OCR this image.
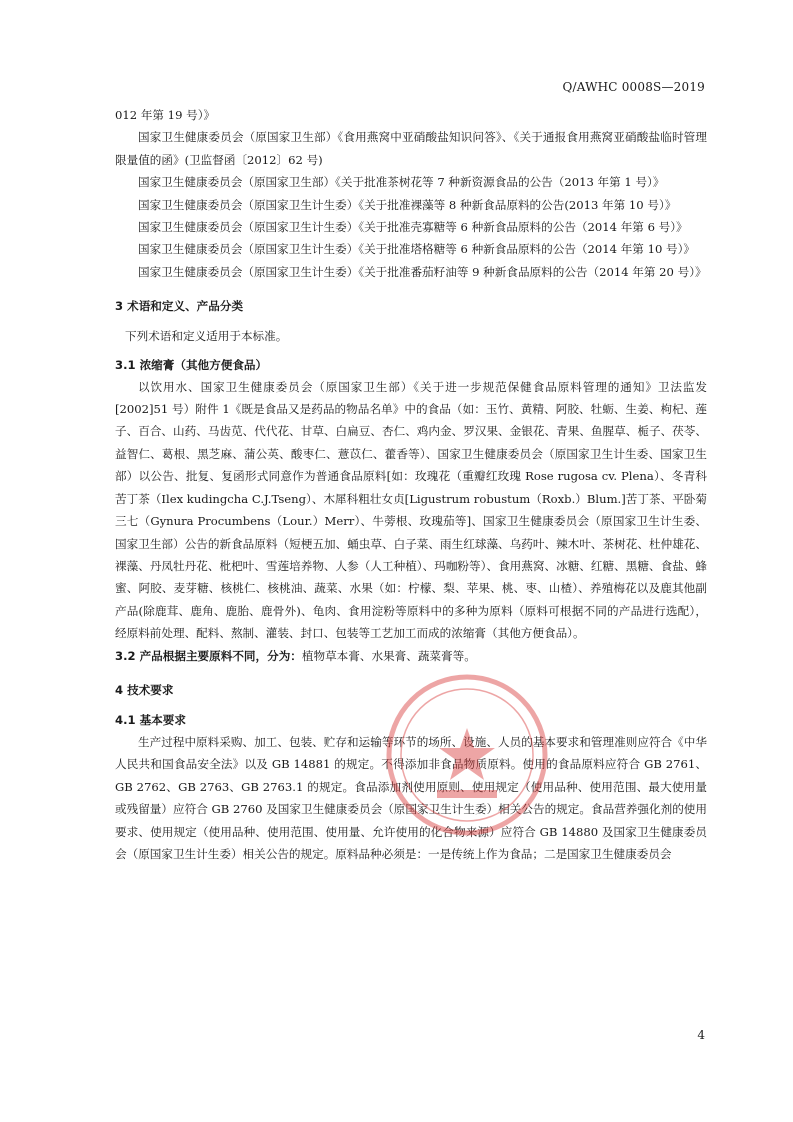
Q/AWHC 0008S—2019

012 年第 19 号）》

国家卫生健康委员会（原国家卫生部）《食用燕窝中亚硝酸盐知识问答》、《关于通报食用燕窝亚硝酸盐临时管理限量值的函》(卫监督函〔2012〕62 号)

国家卫生健康委员会（原国家卫生部）《关于批准茶树花等 7 种新资源食品的公告（2013 年第 1 号）》

国家卫生健康委员会（原国家卫生计生委）《关于批准裸藻等 8 种新食品原料的公告(2013 年第 10 号）》

国家卫生健康委员会（原国家卫生计生委）《关于批准壳寡糖等 6 种新食品原料的公告（2014 年第 6 号）》

国家卫生健康委员会（原国家卫生计生委）《关于批准塔格糖等 6 种新食品原料的公告（2014 年第 10 号）》

国家卫生健康委员会（原国家卫生计生委）《关于批准番茄籽油等 9 种新食品原料的公告（2014 年第 20 号）》

3 术语和定义、产品分类

下列术语和定义适用于本标准。

3.1 浓缩膏（其他方便食品）

以饮用水、国家卫生健康委员会（原国家卫生部）《关于进一步规范保健食品原料管理的通知》卫法监发[2002]51 号）附件 1《既是食品又是药品的物品名单》中的食品（如：玉竹、黄精、阿胶、牡蛎、生姜、枸杞、莲子、百合、山药、马齿苋、代代花、甘草、白扁豆、杏仁、鸡内金、罗汉果、金银花、青果、鱼腥草、栀子、茯苓、益智仁、葛根、黑芝麻、蒲公英、酸枣仁、薏苡仁、藿香等）、国家卫生健康委员会（原国家卫生计生委、国家卫生部）以公告、批复、复函形式同意作为普通食品原料[如：玫瑰花（重瓣红玫瑰 Rose rugosa cv. Plena）、冬青科苦丁茶（Ilex kudingcha C.J.Tseng）、木犀科粗壮女贞[Ligustrum robustum（Roxb.）Blum.]苦丁茶、平卧菊三七（Gynura Procumbens（Lour.）Merr）、牛蒡根、玫瑰茄等]、国家卫生健康委员会（原国家卫生计生委、国家卫生部）公告的新食品原料（短梗五加、蛹虫草、白子菜、雨生红球藻、乌药叶、辣木叶、茶树花、杜仲雄花、裸藻、丹凤牡丹花、枇杷叶、雪莲培养物、人参（人工种植）、玛咖粉等）、食用燕窝、冰糖、红糖、黑糖、食盐、蜂蜜、阿胶、麦芽糖、核桃仁、核桃油、蔬菜、水果（如：柠檬、梨、苹果、桃、枣、山楂）、养殖梅花以及鹿其他副产品(除鹿茸、鹿角、鹿胎、鹿骨外)、龟肉、食用淀粉等原料中的多种为原料（原料可根据不同的产品进行选配），经原料前处理、配料、熬制、灌装、封口、包装等工艺加工而成的浓缩膏（其他方便食品）。

3.2 产品根据主要原料不同，分为：植物草本膏、水果膏、蔬菜膏等。

4 技术要求
4.1 基本要求

生产过程中原料采购、加工、包装、贮存和运输等环节的场所、设施、人员的基本要求和管理准则应符合《中华人民共和国食品安全法》以及 GB 14881 的规定。不得添加非食品物质原料。使用的食品原料应符合 GB 2761、GB 2762、GB 2763、GB 2763.1 的规定。食品添加剂使用原则、使用规定（使用品种、使用范围、最大使用量或残留量）应符合 GB 2760 及国家卫生健康委员会（原国家卫生计生委）相关公告的规定。食品营养强化剂的使用要求、使用规定（使用品种、使用范围、使用量、允许使用的化合物来源）应符合 GB 14880 及国家卫生健康委员会（原国家卫生计生委）相关公告的规定。原料品种必须是：一是传统上作为食品；二是国家卫生健康委员会

4
